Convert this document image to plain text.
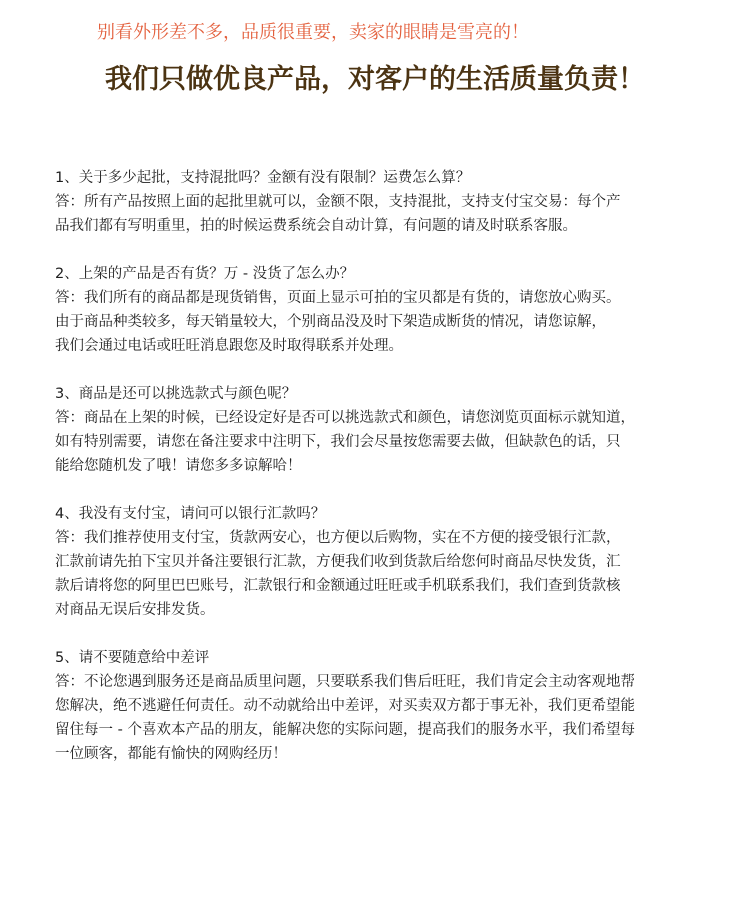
别看外形差不多，品质很重要，卖家的眼睛是雪亮的！
我们只做优良产品，对客户的生活质量负责！
1、关于多少起批，支持混批吗？金额有没有限制？运费怎么算？
答：所有产品按照上面的起批里就可以，金额不限，支持混批，支持支付宝交易：每个产
品我们都有写明重里，拍的时候运费系统会自动计算，有问题的请及时联系客服。
2、上架的产品是否有货？万 - 没货了怎么办？
答：我们所有的商品都是现货销售，页面上显示可拍的宝贝都是有货的，请您放心购买。
由于商品种类较多，每天销量较大，个别商品没及时下架造成断货的情况，请您谅解，
我们会通过电话或旺旺消息跟您及时取得联系并处理。
3、商品是还可以挑选款式与颜色呢？
答：商品在上架的时候，已经设定好是否可以挑选款式和颜色，请您浏览页面标示就知道，
如有特别需要，请您在备注要求中注明下，我们会尽量按您需要去做，但缺款色的话，只
能给您随机发了哦！请您多多谅解哈！
4、我没有支付宝，请问可以银行汇款吗？
答：我们推荐使用支付宝，货款两安心，也方便以后购物，实在不方便的接受银行汇款，
汇款前请先拍下宝贝并备注要银行汇款，方便我们收到货款后给您何时商品尽快发货，汇
款后请将您的阿里巴巴账号，汇款银行和金额通过旺旺或手机联系我们，我们查到货款核
对商品无误后安排发货。
5、请不要随意给中差评
答：不论您遇到服务还是商品质里问题，只要联系我们售后旺旺，我们肯定会主动客观地帮
您解决，绝不逃避任何责任。动不动就给出中差评，对买卖双方都于事无补，我们更希望能
留住每一 - 个喜欢本产品的朋友，能解决您的实际问题，提高我们的服务水平，我们希望每
一位顾客，都能有愉快的网购经历！
